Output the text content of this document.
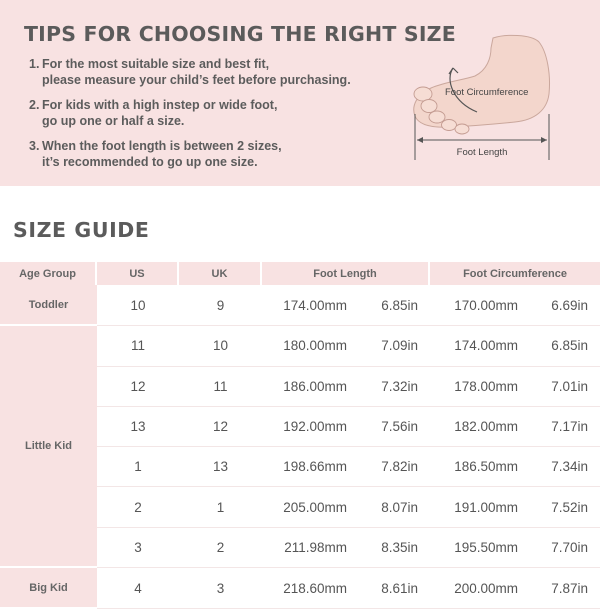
TIPS FOR CHOOSING THE RIGHT SIZE
1. For the most suitable size and best fit,
please measure your child’s feet before purchasing.
2. For kids with a high instep or wide foot,
go up one or half a size.
3. When the foot length is between 2 sizes,
it’s recommended to go up one size.
Foot Circumference
Foot Length
SIZE GUIDE
Age Group	US	UK	Foot Length		Foot Circumference	
Toddler	10	9	174.00mm	6.85in	170.00mm	6.69in
Little Kid	11	10	180.00mm	7.09in	174.00mm	6.85in
	12	11	186.00mm	7.32in	178.00mm	7.01in
	13	12	192.00mm	7.56in	182.00mm	7.17in
	1	13	198.66mm	7.82in	186.50mm	7.34in
	2	1	205.00mm	8.07in	191.00mm	7.52in
	3	2	211.98mm	8.35in	195.50mm	7.70in
Big Kid	4	3	218.60mm	8.61in	200.00mm	7.87in
